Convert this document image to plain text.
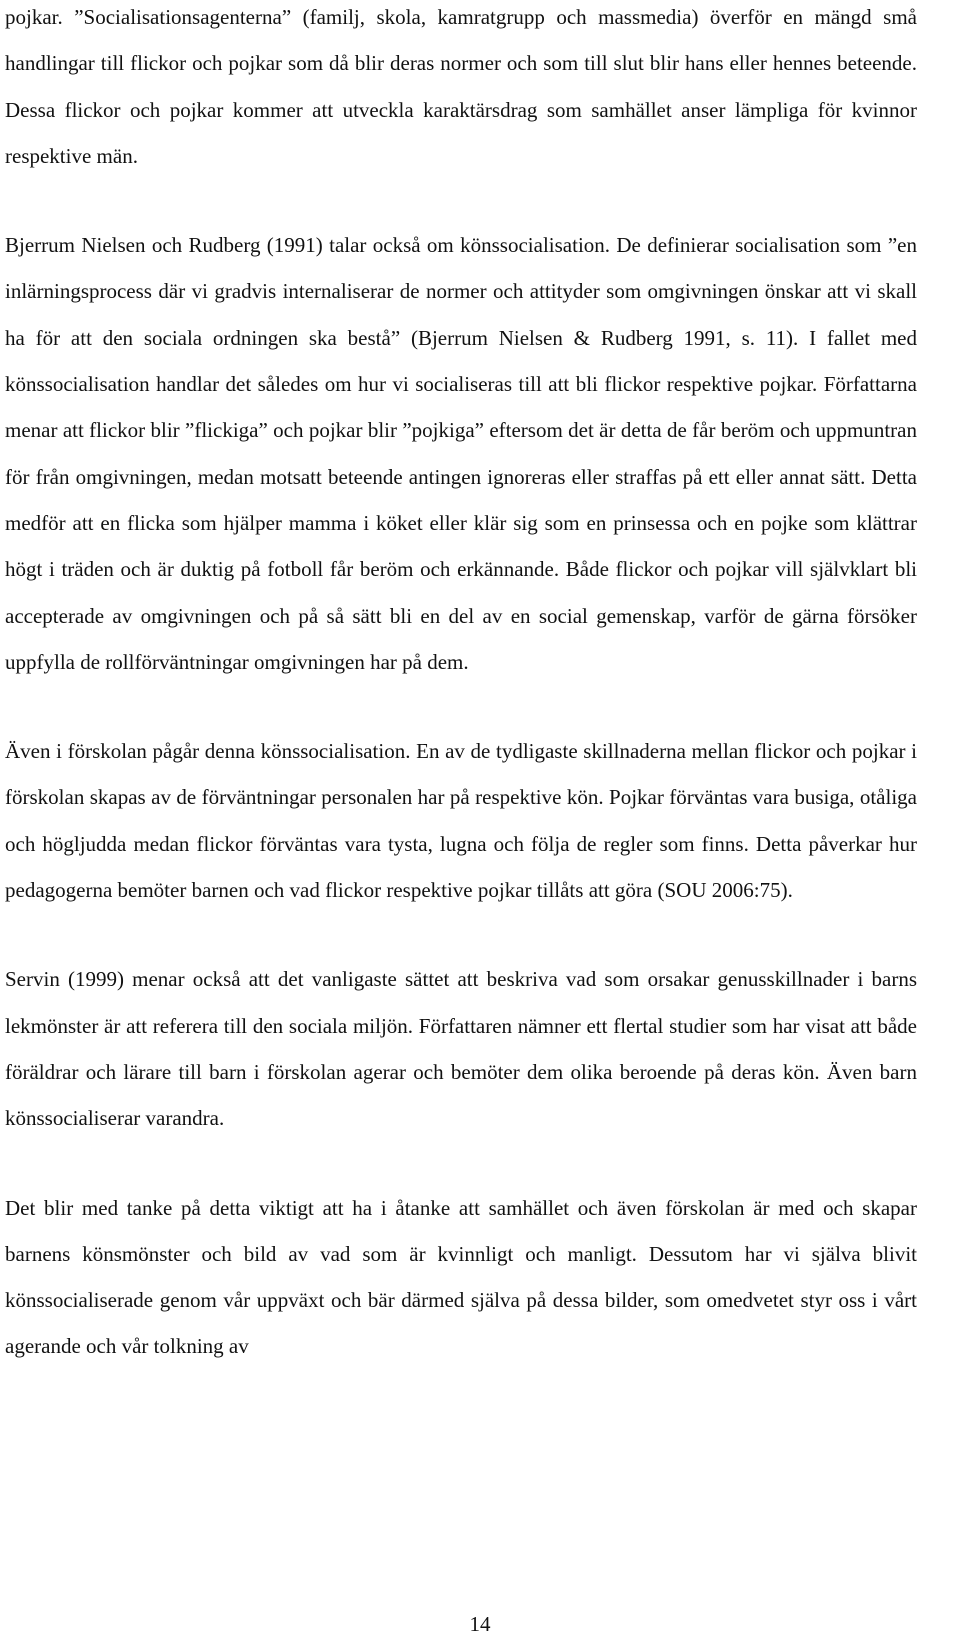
pojkar. ”Socialisationsagenterna” (familj, skola, kamratgrupp och massmedia) överför en mängd små handlingar till flickor och pojkar som då blir deras normer och som till slut blir hans eller hennes beteende. Dessa flickor och pojkar kommer att utveckla karaktärsdrag som samhället anser lämpliga för kvinnor respektive män.

Bjerrum Nielsen och Rudberg (1991) talar också om könssocialisation. De definierar socialisation som ”en inlärningsprocess där vi gradvis internaliserar de normer och attityder som omgivningen önskar att vi skall ha för att den sociala ordningen ska bestå” (Bjerrum Nielsen & Rudberg 1991, s. 11). I fallet med könssocialisation handlar det således om hur vi socialiseras till att bli flickor respektive pojkar. Författarna menar att flickor blir ”flickiga” och pojkar blir ”pojkiga” eftersom det är detta de får beröm och uppmuntran för från omgivningen, medan motsatt beteende antingen ignoreras eller straffas på ett eller annat sätt. Detta medför att en flicka som hjälper mamma i köket eller klär sig som en prinsessa och en pojke som klättrar högt i träden och är duktig på fotboll får beröm och erkännande. Både flickor och pojkar vill självklart bli accepterade av omgivningen och på så sätt bli en del av en social gemenskap, varför de gärna försöker uppfylla de rollförväntningar omgivningen har på dem.

Även i förskolan pågår denna könssocialisation. En av de tydligaste skillnaderna mellan flickor och pojkar i förskolan skapas av de förväntningar personalen har på respektive kön. Pojkar förväntas vara busiga, otåliga och högljudda medan flickor förväntas vara tysta, lugna och följa de regler som finns. Detta påverkar hur pedagogerna bemöter barnen och vad flickor respektive pojkar tillåts att göra (SOU 2006:75).

Servin (1999) menar också att det vanligaste sättet att beskriva vad som orsakar genusskillnader i barns lekmönster är att referera till den sociala miljön. Författaren nämner ett flertal studier som har visat att både föräldrar och lärare till barn i förskolan agerar och bemöter dem olika beroende på deras kön. Även barn könssocialiserar varandra.

Det blir med tanke på detta viktigt att ha i åtanke att samhället och även förskolan är med och skapar barnens könsmönster och bild av vad som är kvinnligt och manligt. Dessutom har vi själva blivit könssocialiserade genom vår uppväxt och bär därmed själva på dessa bilder, som omedvetet styr oss i vårt agerande och vår tolkning av

14
